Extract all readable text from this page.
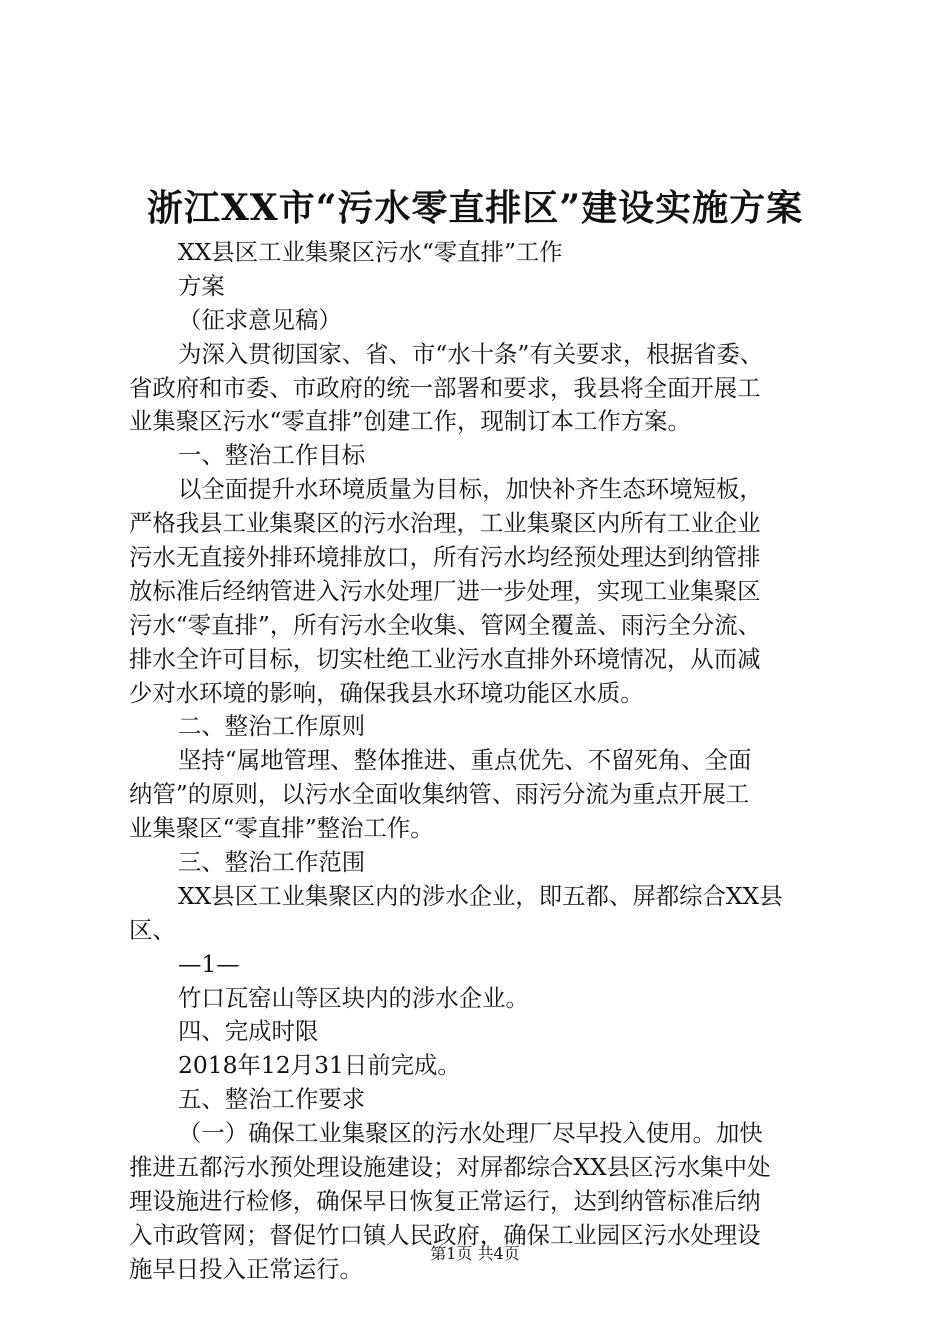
浙江XX市“污水零直排区”建设实施方案
XX县区工业集聚区污水“零直排”工作
方案
（征求意见稿）
为深入贯彻国家、省、市“水十条”有关要求，根据省委、
省政府和市委、市政府的统一部署和要求，我县将全面开展工
业集聚区污水“零直排”创建工作，现制订本工作方案。
一、整治工作目标
以全面提升水环境质量为目标，加快补齐生态环境短板，
严格我县工业集聚区的污水治理，工业集聚区内所有工业企业
污水无直接外排环境排放口，所有污水均经预处理达到纳管排
放标准后经纳管进入污水处理厂进一步处理，实现工业集聚区
污水“零直排”，所有污水全收集、管网全覆盖、雨污全分流、
排水全许可目标，切实杜绝工业污水直排外环境情况，从而减
少对水环境的影响，确保我县水环境功能区水质。
二、整治工作原则
坚持“属地管理、整体推进、重点优先、不留死角、全面
纳管”的原则，以污水全面收集纳管、雨污分流为重点开展工
业集聚区“零直排”整治工作。
三、整治工作范围
XX县区工业集聚区内的涉水企业，即五都、屏都综合XX县
区、
—1—
竹口瓦窑山等区块内的涉水企业。
四、完成时限
2018年12月31日前完成。
五、整治工作要求
（一）确保工业集聚区的污水处理厂尽早投入使用。加快
推进五都污水预处理设施建设；对屏都综合XX县区污水集中处
理设施进行检修，确保早日恢复正常运行，达到纳管标准后纳
入市政管网；督促竹口镇人民政府，确保工业园区污水处理设
施早日投入正常运行。
第1页 共4页
